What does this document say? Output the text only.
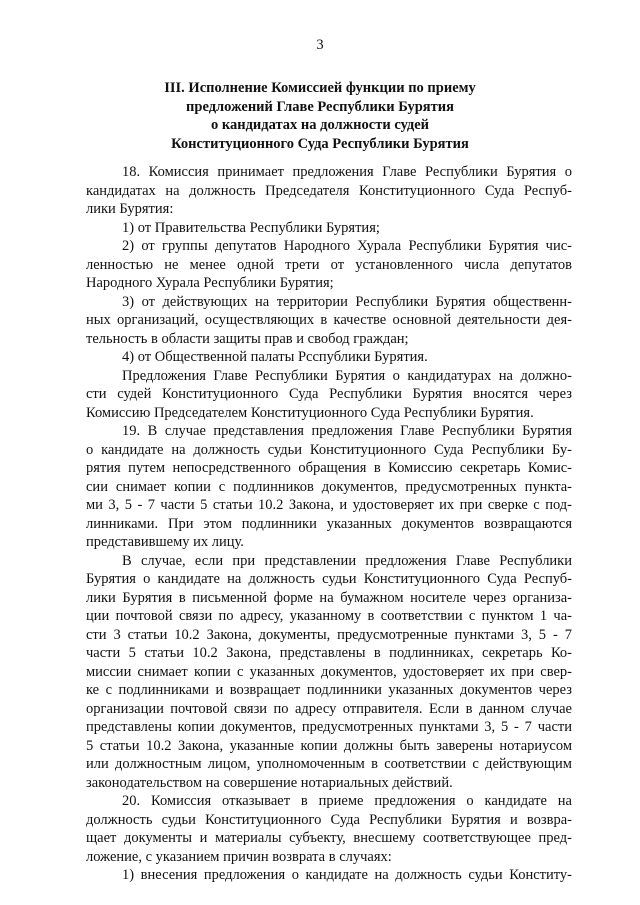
3
III. Исполнение Комиссией функции по приему
предложений Главе Республики Бурятия
о кандидатах на должности судей
Конституционного Суда Республики Бурятия
18. Комиссия принимает предложения Главе Республики Бурятия о
кандидатах на должность Председателя Конституционного Суда Респуб-
лики Бурятия:
1) от Правительства Республики Бурятия;
2) от группы депутатов Народного Хурала Республики Бурятия чис-
ленностью не менее одной трети от установленного числа депутатов
Народного Хурала Республики Бурятия;
3) от действующих на территории Республики Бурятия общественн-
ных организаций, осуществляющих в качестве основной деятельности дея-
тельность в области защиты прав и свобод граждан;
4) от Общественной палаты Рсспублики Бурятия.
Предложения Главе Республики Бурятия о кандидатурах на должно-
сти судей Конституционного Суда Республики Бурятия вносятся через
Комиссию Председателем Конституционного Суда Республики Бурятия.
19. В случае представления предложения Главе Республики Бурятия
о кандидате на должность судьи Конституционного Суда Республики Бу-
рятия путем непосредственного обращения в Комиссию секретарь Комис-
сии снимает копии с подлинников документов, предусмотренных пункта-
ми 3, 5 - 7 части 5 статьи 10.2 Закона, и удостоверяет их при сверке с под-
линниками. При этом подлинники указанных документов возвращаются
представившему их лицу.
В случае, если при представлении предложения Главе Республики
Бурятия о кандидате на должность судьи Конституционного Суда Респуб-
лики Бурятия в письменной форме на бумажном носителе через организа-
ции почтовой связи по адресу, указанному в соответствии с пунктом 1 ча-
сти 3 статьи 10.2 Закона, документы, предусмотренные пунктами 3, 5 - 7
части 5 статьи 10.2 Закона, представлены в подлинниках, секретарь Ко-
миссии снимает копии с указанных документов, удостоверяет их при свер-
ке с подлинниками и возвращает подлинники указанных документов через
организации почтовой связи по адресу отправителя. Если в данном случае
представлены копии документов, предусмотренных пунктами 3, 5 - 7 части
5 статьи 10.2 Закона, указанные копии должны быть заверены нотариусом
или должностным лицом, уполномоченным в соответствии с действующим
законодательством на совершение нотариальных действий.
20. Комиссия отказывает в приеме предложения о кандидате на
должность судьи Конституционного Суда Республики Бурятия и возвра-
щает документы и материалы субъекту, внесшему соответствующее пред-
ложение, с указанием причин возврата в случаях:
1) внесения предложения о кандидате на должность судьи Конститу-
